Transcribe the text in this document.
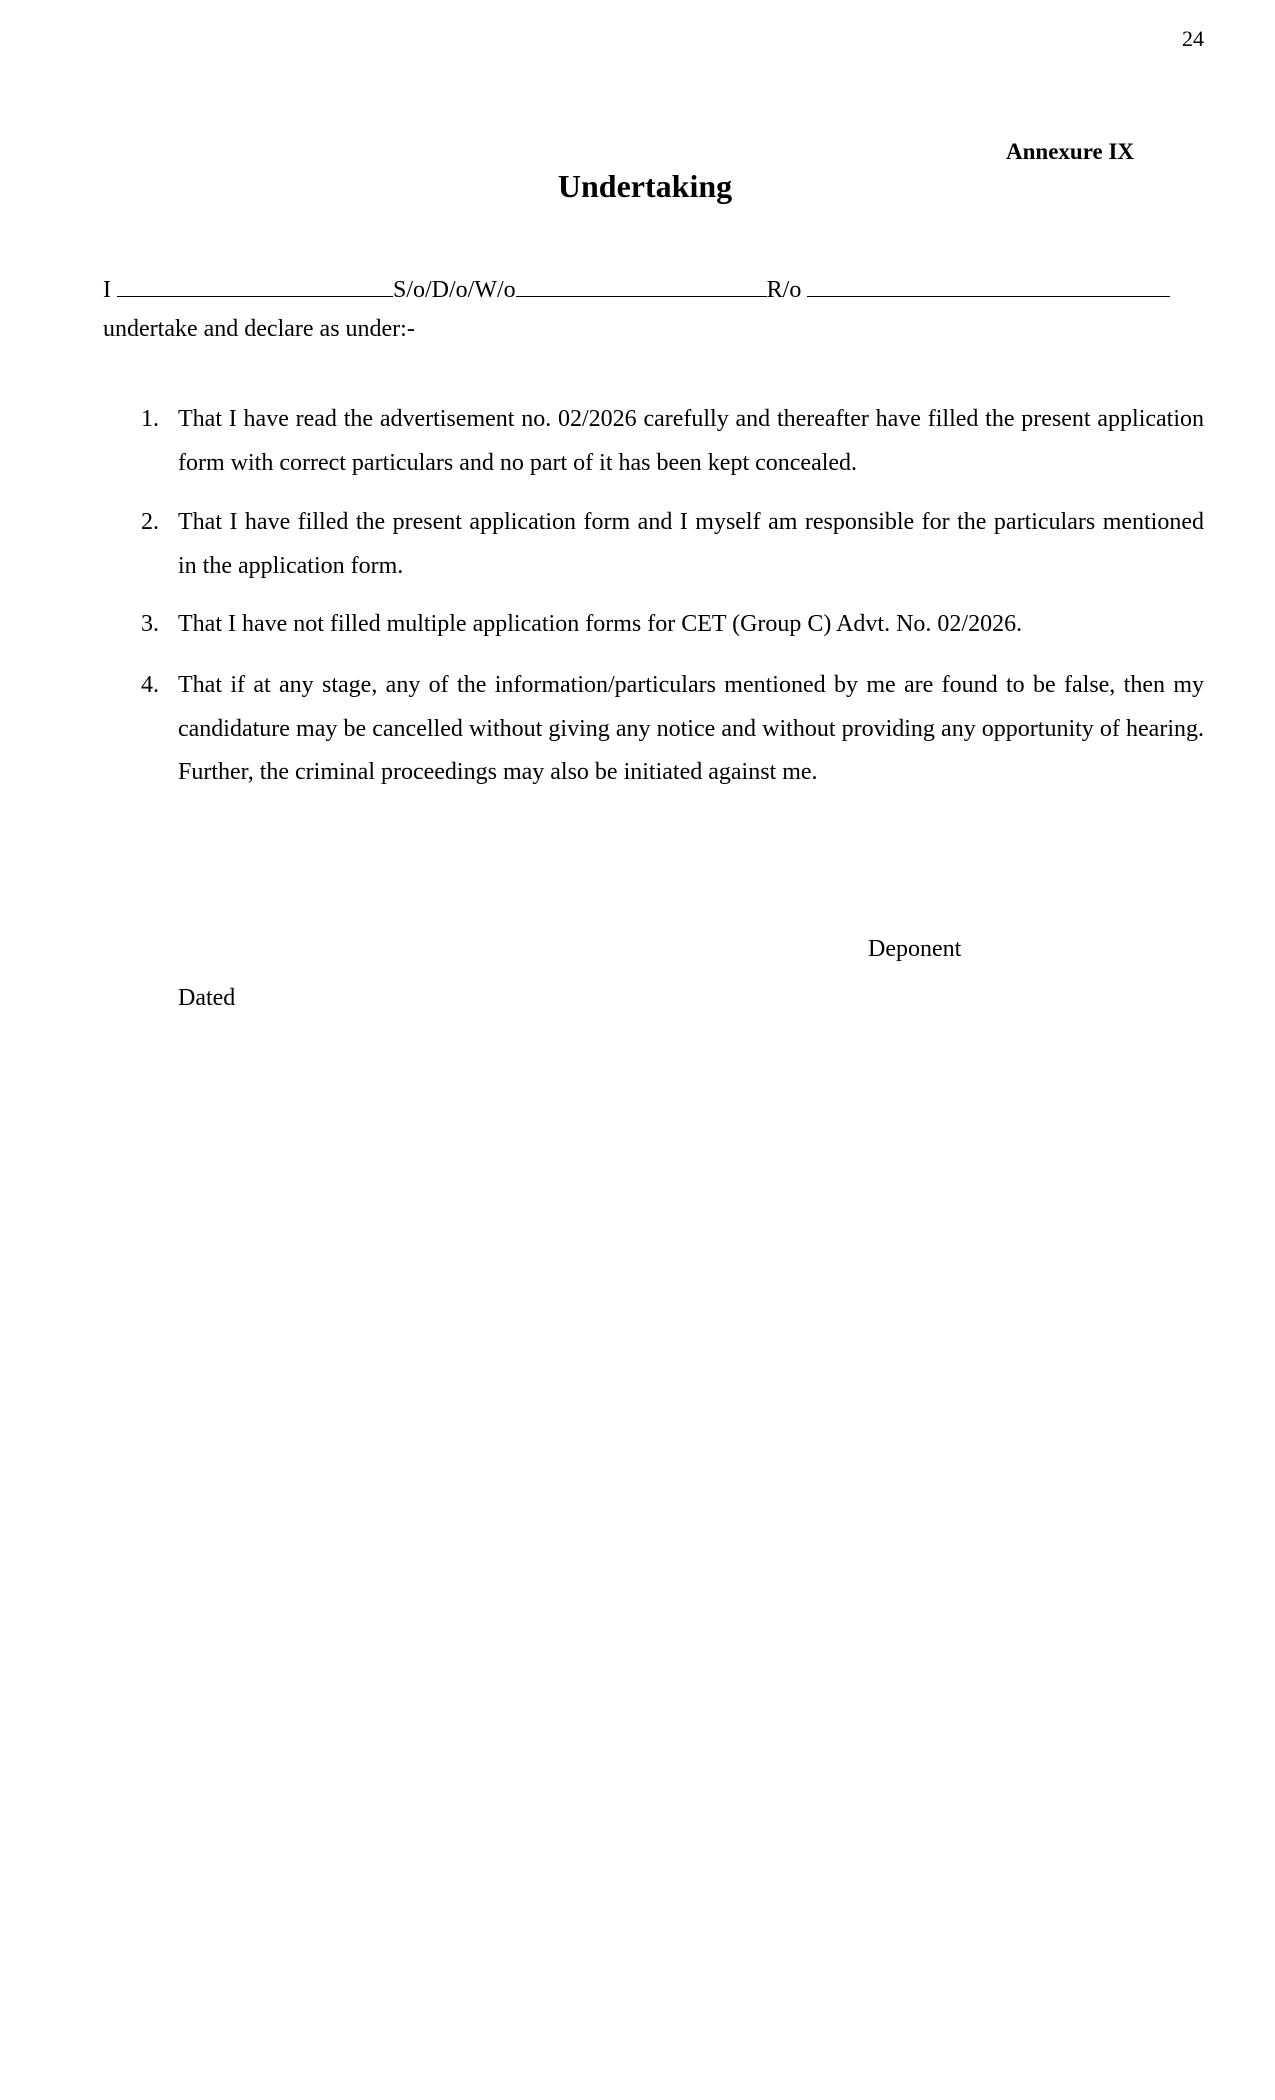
24
Annexure IX
Undertaking
I	S/o/D/o/W/o	R/o
undertake and declare as under:-
1. That I have read the advertisement no. 02/2026 carefully and thereafter have filled the present application form with correct particulars and no part of it has been kept concealed.
2. That I have filled the present application form and I myself am responsible for the particulars mentioned in the application form.
3. That I have not filled multiple application forms for CET (Group C) Advt. No. 02/2026.
4. That if at any stage, any of the information/particulars mentioned by me are found to be false, then my candidature may be cancelled without giving any notice and without providing any opportunity of hearing. Further, the criminal proceedings may also be initiated against me.
Deponent
Dated
